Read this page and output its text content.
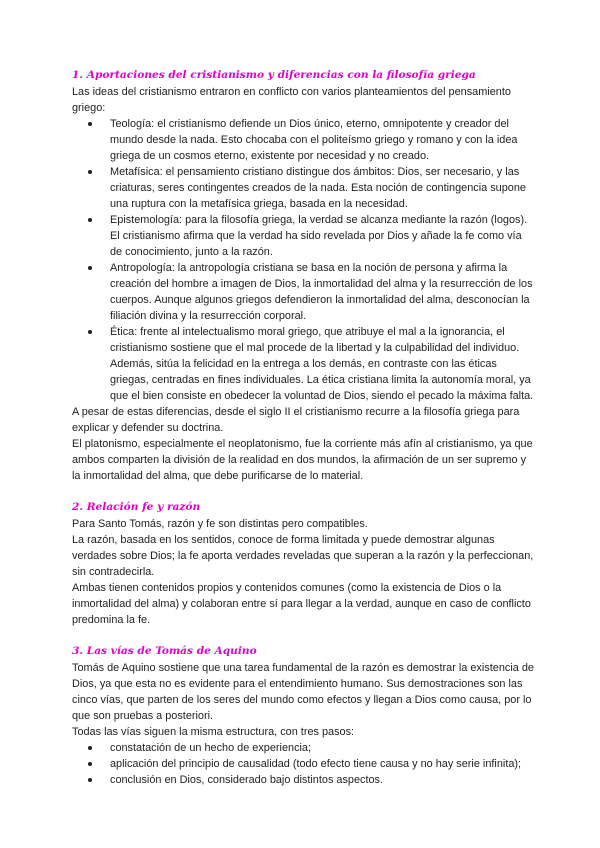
1. Aportaciones del cristianismo y diferencias con la filosofía griega

Las ideas del cristianismo entraron en conflicto con varios planteamientos del pensamiento griego:

Teología: el cristianismo defiende un Dios único, eterno, omnipotente y creador del mundo desde la nada. Esto chocaba con el politeísmo griego y romano y con la idea griega de un cosmos eterno, existente por necesidad y no creado.
Metafísica: el pensamiento cristiano distingue dos ámbitos: Dios, ser necesario, y las criaturas, seres contingentes creados de la nada. Esta noción de contingencia supone una ruptura con la metafísica griega, basada en la necesidad.
Epistemología: para la filosofía griega, la verdad se alcanza mediante la razón (logos). El cristianismo afirma que la verdad ha sido revelada por Dios y añade la fe como vía de conocimiento, junto a la razón.
Antropología: la antropología cristiana se basa en la noción de persona y afirma la creación del hombre a imagen de Dios, la inmortalidad del alma y la resurrección de los cuerpos. Aunque algunos griegos defendieron la inmortalidad del alma, desconocían la filiación divina y la resurrección corporal.
Ética: frente al intelectualismo moral griego, que atribuye el mal a la ignorancia, el cristianismo sostiene que el mal procede de la libertad y la culpabilidad del individuo. Además, sitúa la felicidad en la entrega a los demás, en contraste con las éticas griegas, centradas en fines individuales. La ética cristiana limita la autonomía moral, ya que el bien consiste en obedecer la voluntad de Dios, siendo el pecado la máxima falta.

A pesar de estas diferencias, desde el siglo II el cristianismo recurre a la filosofía griega para explicar y defender su doctrina.

El platonismo, especialmente el neoplatonismo, fue la corriente más afín al cristianismo, ya que ambos comparten la división de la realidad en dos mundos, la afirmación de un ser supremo y la inmortalidad del alma, que debe purificarse de lo material.

2. Relación fe y razón

Para Santo Tomás, razón y fe son distintas pero compatibles.

La razón, basada en los sentidos, conoce de forma limitada y puede demostrar algunas verdades sobre Dios; la fe aporta verdades reveladas que superan a la razón y la perfeccionan, sin contradecirla.

Ambas tienen contenidos propios y contenidos comunes (como la existencia de Dios o la inmortalidad del alma) y colaboran entre sí para llegar a la verdad, aunque en caso de conflicto predomina la fe.

3. Las vías de Tomás de Aquino

Tomás de Aquino sostiene que una tarea fundamental de la razón es demostrar la existencia de Dios, ya que esta no es evidente para el entendimiento humano. Sus demostraciones son las cinco vías, que parten de los seres del mundo como efectos y llegan a Dios como causa, por lo que son pruebas a posteriori.

Todas las vías siguen la misma estructura, con tres pasos:

constatación de un hecho de experiencia;
aplicación del principio de causalidad (todo efecto tiene causa y no hay serie infinita);
conclusión en Dios, considerado bajo distintos aspectos.
